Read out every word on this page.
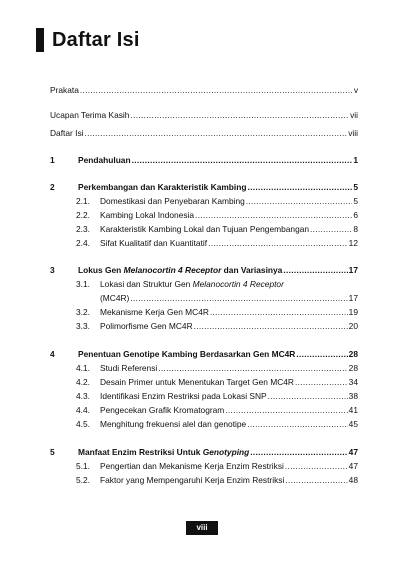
Daftar Isi
Prakata .....	v
Ucapan Terima Kasih .....	vii
Daftar Isi .....	viii
1	Pendahuluan .....	1
2	Perkembangan dan Karakteristik Kambing .....	5
2.1.	Domestikasi dan Penyebaran Kambing .....	5
2.2.	Kambing Lokal Indonesia .....	6
2.3.	Karakteristik Kambing Lokal dan Tujuan Pengembangan .....	8
2.4.	Sifat Kualitatif dan Kuantitatif .....	12
3	Lokus Gen Melanocortin 4 Receptor dan Variasinya .....	17
3.1.	Lokasi dan Struktur Gen Melanocortin 4 Receptor
(MC4R) .....	17
3.2.	Mekanisme Kerja Gen MC4R .....	19
3.3.	Polimorfisme Gen MC4R .....	20
4	Penentuan Genotipe Kambing Berdasarkan Gen MC4R .....	28
4.1.	Studi Referensi .....	28
4.2.	Desain Primer untuk Menentukan Target Gen MC4R .....	34
4.3.	Identifikasi Enzim Restriksi pada Lokasi SNP .....	38
4.4.	Pengecekan Grafik Kromatogram .....	41
4.5.	Menghitung frekuensi alel dan genotipe .....	45
5	Manfaat Enzim Restriksi Untuk Genotyping .....	47
5.1.	Pengertian dan Mekanisme Kerja Enzim Restriksi .....	47
5.2.	Faktor yang Mempengaruhi Kerja Enzim Restriksi .....	48
viii
